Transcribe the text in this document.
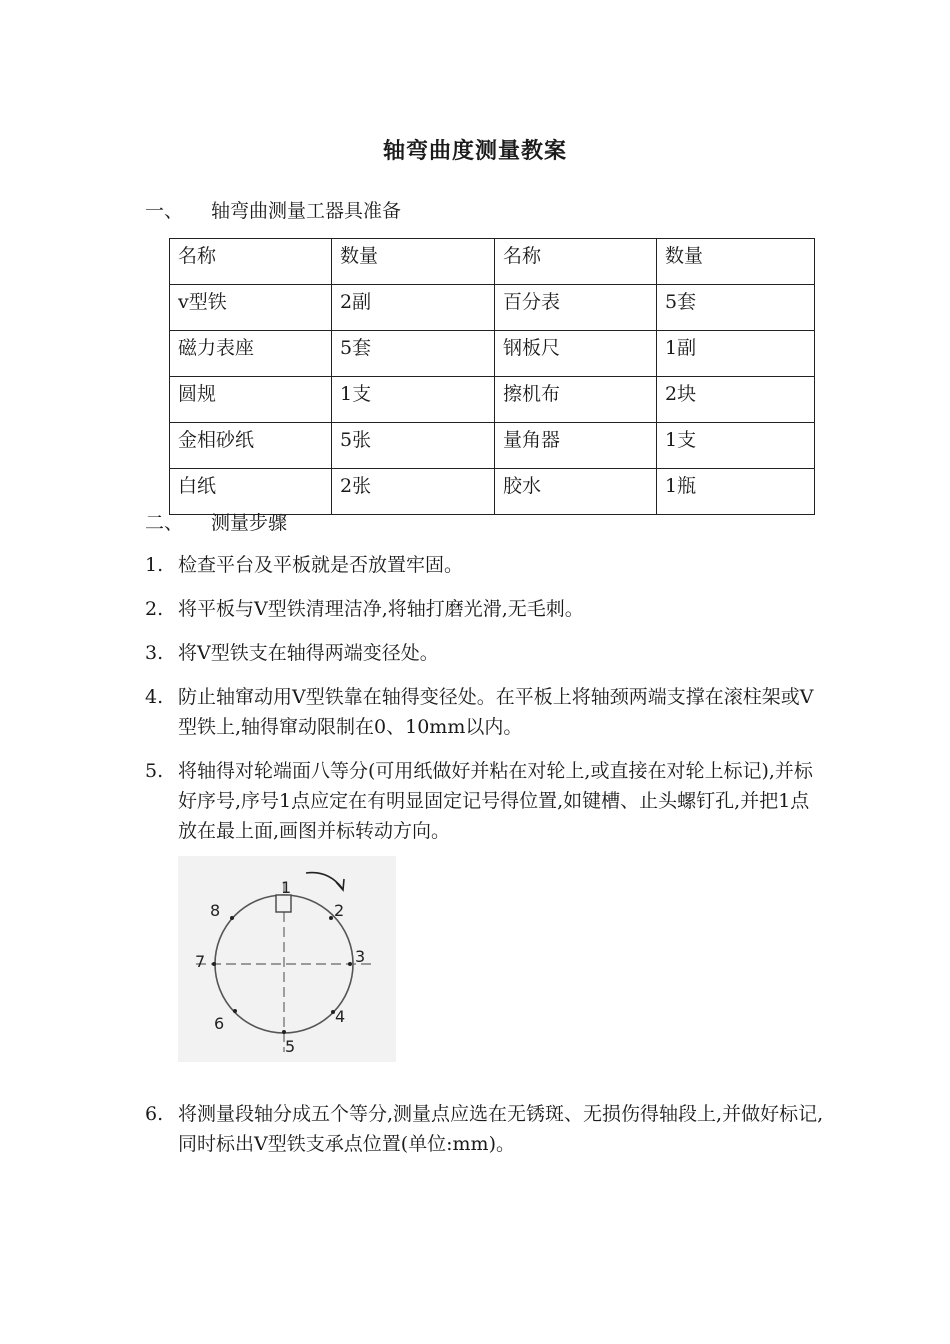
轴弯曲度测量教案
一、 轴弯曲测量工器具准备
名称	数量	名称	数量
v型铁	2副	百分表	5套
磁力表座	5套	钢板尺	1副
圆规	1支	擦机布	2块
金相砂纸	5张	量角器	1支
白纸	2张	胶水	1瓶
二、 测量步骤
1. 检查平台及平板就是否放置牢固。
2. 将平板与V型铁清理洁净,将轴打磨光滑,无毛刺。
3. 将V型铁支在轴得两端变径处。
4. 防止轴窜动用V型铁靠在轴得变径处。在平板上将轴颈两端支撑在滚柱架或V型铁上,轴得窜动限制在0、10mm以内。
5. 将轴得对轮端面八等分(可用纸做好并粘在对轮上,或直接在对轮上标记),并标好序号,序号1点应定在有明显固定记号得位置,如键槽、止头螺钉孔,并把1点放在最上面,画图并标转动方向。
1
2
3
4
5
6
7
8
6. 将测量段轴分成五个等分,测量点应选在无锈斑、无损伤得轴段上,并做好标记,同时标出V型铁支承点位置(单位:mm)。
